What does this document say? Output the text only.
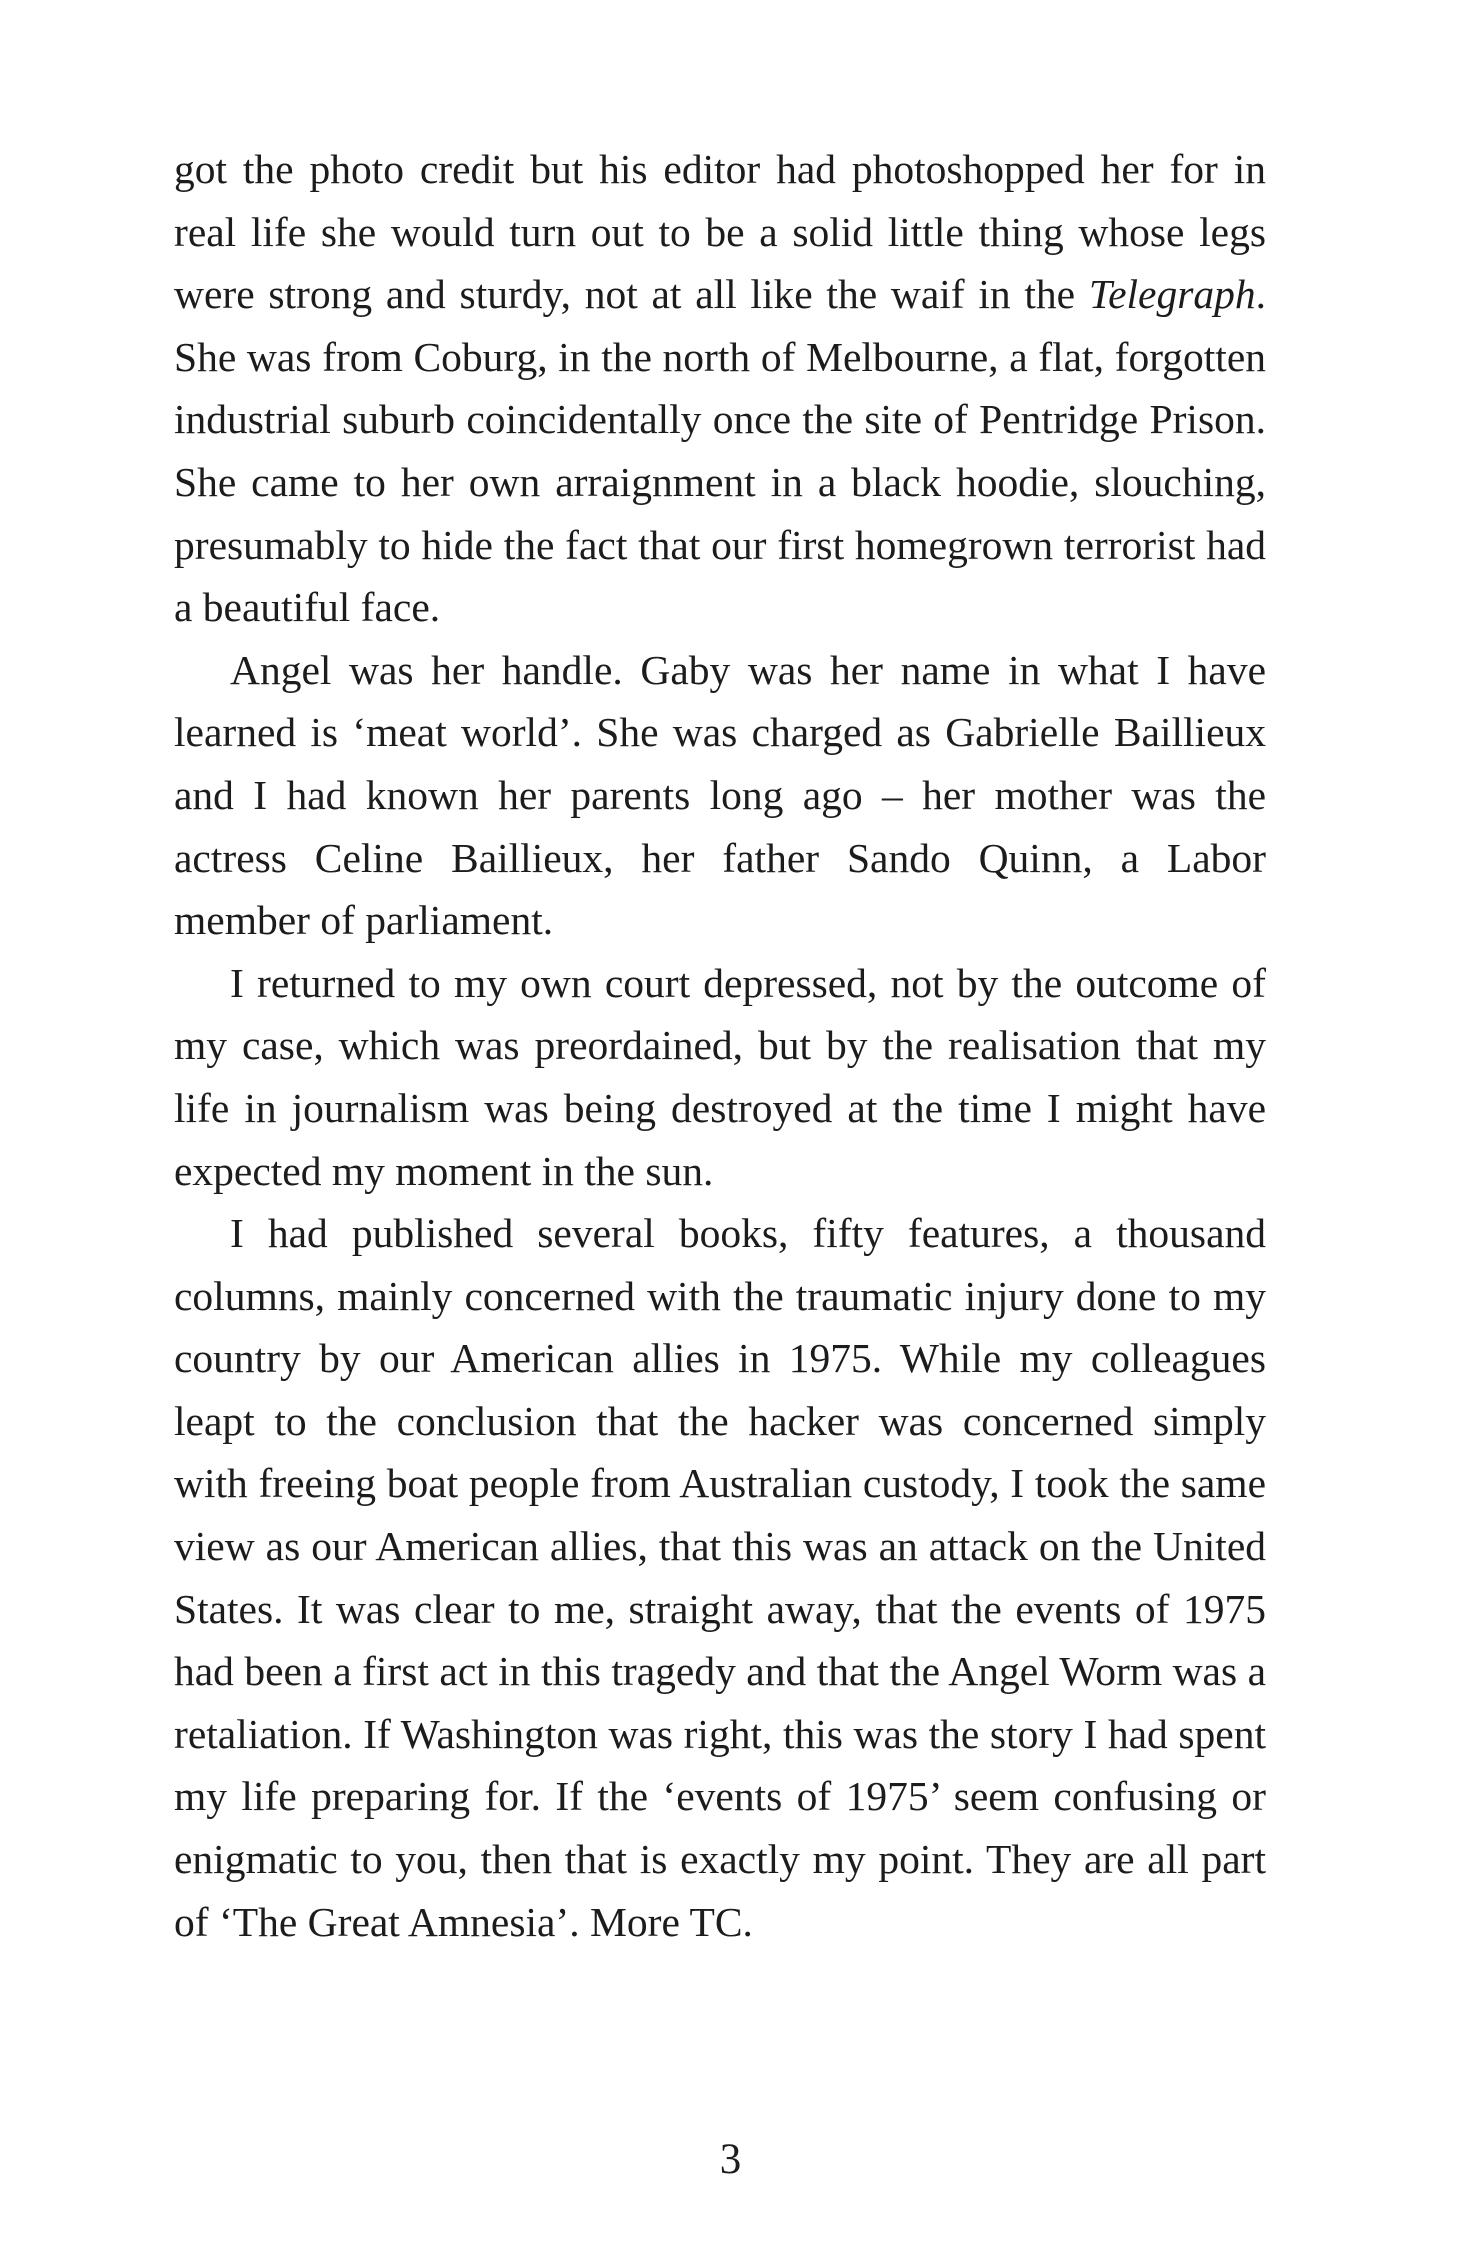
got the photo credit but his editor had photoshopped her for in real life she would turn out to be a solid little thing whose legs were strong and sturdy, not at all like the waif in the Telegraph. She was from Coburg, in the north of Melbourne, a flat, forgotten industrial suburb coincidentally once the site of Pentridge Prison. She came to her own arraignment in a black hoodie, slouching, presumably to hide the fact that our first homegrown terrorist had a beautiful face.

Angel was her handle. Gaby was her name in what I have learned is ‘meat world’. She was charged as Gabrielle Baillieux and I had known her parents long ago – her mother was the actress Celine Baillieux, her father Sando Quinn, a Labor member of parliament.

I returned to my own court depressed, not by the outcome of my case, which was preordained, but by the realisation that my life in journalism was being destroyed at the time I might have expected my moment in the sun.

I had published several books, fifty features, a thousand columns, mainly concerned with the traumatic injury done to my country by our American allies in 1975. While my colleagues leapt to the conclusion that the hacker was concerned simply with freeing boat people from Australian custody, I took the same view as our American allies, that this was an attack on the United States. It was clear to me, straight away, that the events of 1975 had been a first act in this tragedy and that the Angel Worm was a retaliation. If Washington was right, this was the story I had spent my life preparing for. If the ‘events of 1975’ seem confusing or enigmatic to you, then that is exactly my point. They are all part of ‘The Great Amnesia’. More TC.

3
